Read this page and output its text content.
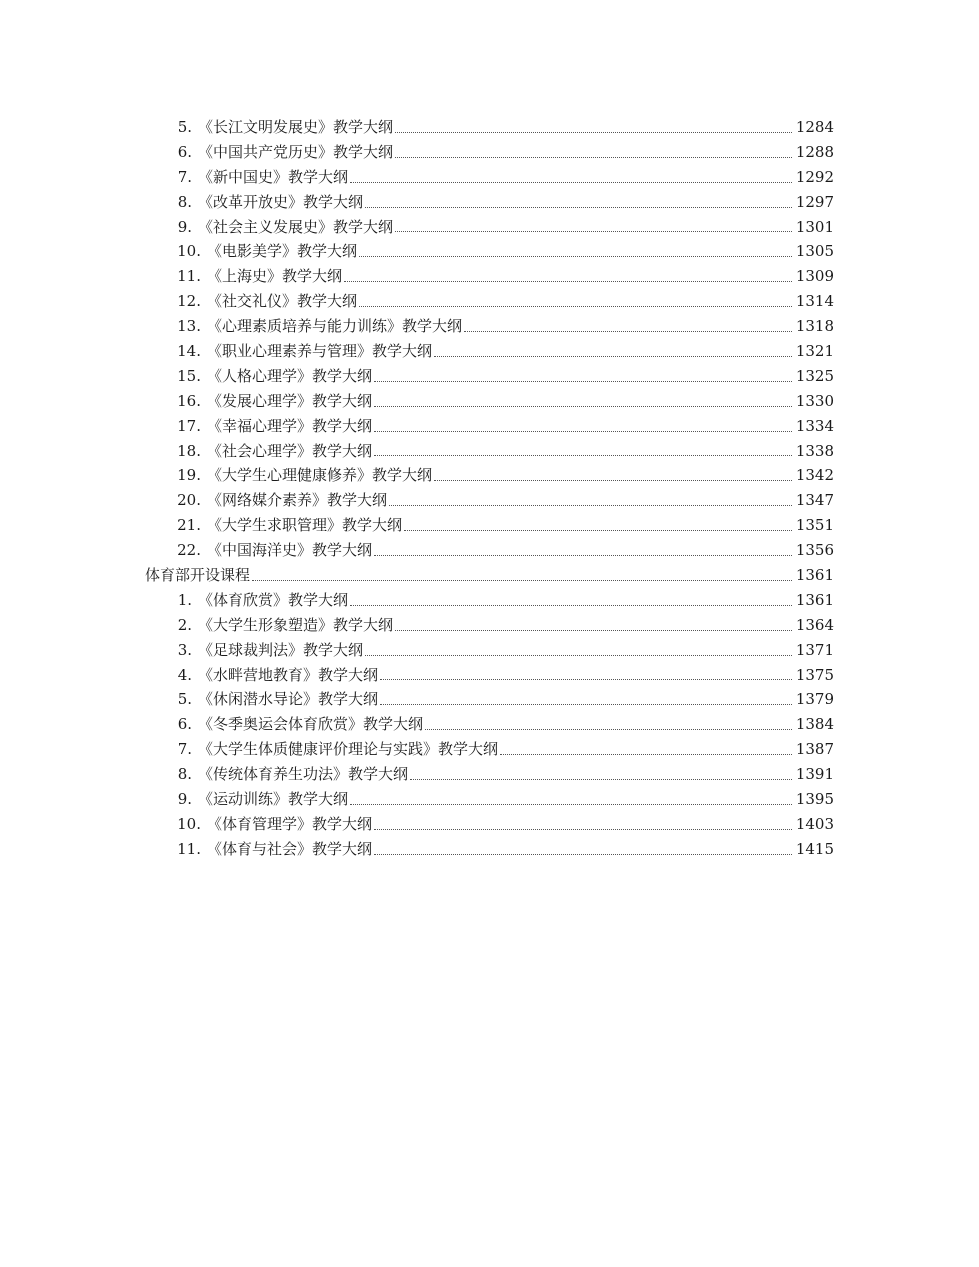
5. 《长江文明发展史》教学大纲	1284
6. 《中国共产党历史》教学大纲	1288
7. 《新中国史》教学大纲	1292
8. 《改革开放史》教学大纲	1297
9. 《社会主义发展史》教学大纲	1301
10. 《电影美学》教学大纲	1305
11. 《上海史》教学大纲	1309
12. 《社交礼仪》教学大纲	1314
13. 《心理素质培养与能力训练》教学大纲	1318
14. 《职业心理素养与管理》教学大纲	1321
15. 《人格心理学》教学大纲	1325
16. 《发展心理学》教学大纲	1330
17. 《幸福心理学》教学大纲	1334
18. 《社会心理学》教学大纲	1338
19. 《大学生心理健康修养》教学大纲	1342
20. 《网络媒介素养》教学大纲	1347
21. 《大学生求职管理》教学大纲	1351
22. 《中国海洋史》教学大纲	1356
体育部开设课程	1361
1. 《体育欣赏》教学大纲	1361
2. 《大学生形象塑造》教学大纲	1364
3. 《足球裁判法》教学大纲	1371
4. 《水畔营地教育》教学大纲	1375
5. 《休闲潜水导论》教学大纲	1379
6. 《冬季奥运会体育欣赏》教学大纲	1384
7. 《大学生体质健康评价理论与实践》教学大纲	1387
8. 《传统体育养生功法》教学大纲	1391
9. 《运动训练》教学大纲	1395
10. 《体育管理学》教学大纲	1403
11. 《体育与社会》教学大纲	1415
